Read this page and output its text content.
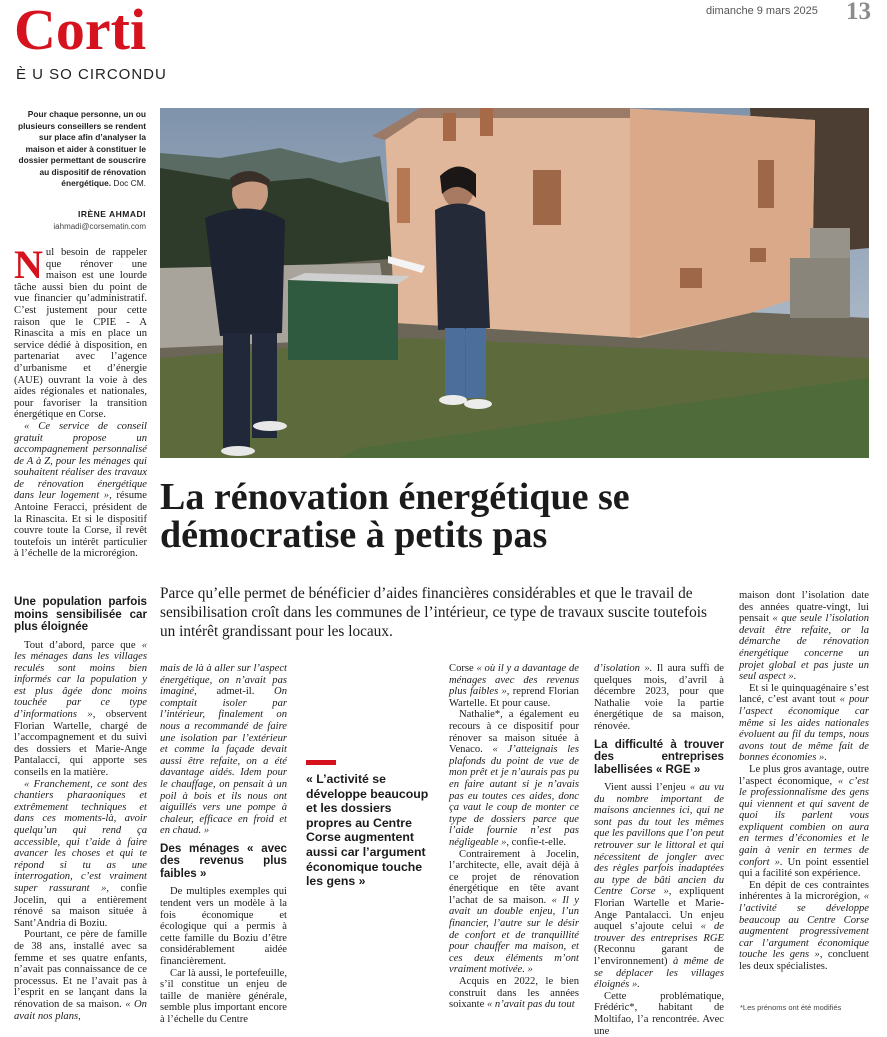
Corti
È U SO CIRCONDU
dimanche 9 mars 2025 13
Pour chaque personne, un ou plusieurs conseillers se rendent sur place afin d’analyser la maison et aider à constituer le dossier permettant de souscrire au dispositif de rénovation énergétique. Doc CM.
IRÈNE AHMADI
iahmadi@corsematin.com
La rénovation énergétique se démocratise à petits pas
Parce qu’elle permet de bénéficier d’aides financières considérables et que le travail de sensibilisation croît dans les communes de l’intérieur, ce type de travaux suscite toutefois un intérêt grandissant pour les locaux.

Nul besoin de rappeler que rénover une maison est une lourde tâche aussi bien du point de vue financier qu’administratif. C’est justement pour cette raison que le CPIE - A Rinascita a mis en place un service dédié à disposition, en partenariat avec l’agence d’urbanisme et d’énergie (AUE) ouvrant la voie à des aides régionales et nationales, pour favoriser la transition énergétique en Corse.

« Ce service de conseil gratuit propose un accompagnement personnalisé de A à Z, pour les ménages qui souhaitent réaliser des travaux de rénovation énergétique dans leur logement », résume Antoine Feracci, président de la Rinascita. Et si le dispositif couvre toute la Corse, il revêt toutefois un intérêt particulier à l’échelle de la microrégion.

Une population parfois moins sensibilisée car plus éloignée

Tout d’abord, parce que « les ménages dans les villages reculés sont moins bien informés car la population y est plus âgée donc moins touchée par ce type d’informations », observent Florian Wartelle, chargé de l’accompagnement et du suivi des dossiers et Marie-Ange Pantalacci, qui apporte ses conseils en la matière.

« Franchement, ce sont des chantiers pharaoniques et extrêmement techniques et dans ces moments-là, avoir quelqu’un qui rend ça accessible, qui t’aide à faire avancer les choses et qui te répond si tu as une interrogation, c’est vraiment super rassurant », confie Jocelin, qui a entièrement rénové sa maison située à Sant’Andria di Boziu.

Pourtant, ce père de famille de 38 ans, installé avec sa femme et ses quatre enfants, n’avait pas connaissance de ce processus. Et ne l’avait pas à l’esprit en se lançant dans la rénovation de sa maison. « On avait nos plans,

mais de là à aller sur l’aspect énergétique, on n’avait pas imaginé, admet-il. On comptait isoler par l’intérieur, finalement on nous a recommandé de faire une isolation par l’extérieur et comme la façade devait aussi être refaite, on a été davantage aidés. Idem pour le chauffage, on pensait à un poil à bois et ils nous ont aiguillés vers une pompe à chaleur, efficace en froid et en chaud. »

Des ménages « avec des revenus plus faibles »

De multiples exemples qui tendent vers un modèle à la fois économique et écologique qui a permis à cette famille du Boziu d’être considérablement aidée financièrement.

Car là aussi, le portefeuille, s’il constitue un enjeu de taille de manière générale, semble plus important encore à l’échelle du Centre

« L’activité se développe beaucoup et les dossiers propres au Centre Corse augmentent aussi car l’argument économique touche les gens »

Corse « où il y a davantage de ménages avec des revenus plus faibles », reprend Florian Wartelle. Et pour cause.

Nathalie*, a également eu recours à ce dispositif pour rénover sa maison située à Venaco. « J’atteignais les plafonds du point de vue de mon prêt et je n’aurais pas pu en faire autant si je n’avais pas eu toutes ces aides, donc ça vaut le coup de monter ce type de dossiers parce que l’aide fournie n’est pas négligeable », confie-t-elle.

Contrairement à Jocelin, l’architecte, elle, avait déjà à ce projet de rénovation énergétique en tête avant l’achat de sa maison. « Il y avait un double enjeu, l’un financier, l’autre sur le désir de confort et de tranquillité pour chauffer ma maison, et ces deux éléments m’ont vraiment motivée. »

Acquis en 2022, le bien construit dans les années soixante « n’avait pas du tout

d’isolation ». Il aura suffi de quelques mois, d’avril à décembre 2023, pour que Nathalie voie la partie énergétique de sa maison, rénovée.

La difficulté à trouver des entreprises labellisées « RGE »

Vient aussi l’enjeu « au vu du nombre important de maisons anciennes ici, qui ne sont pas du tout les mêmes que les pavillons que l’on peut retrouver sur le littoral et qui nécessitent de jongler avec des règles parfois inadaptées au type de bâti ancien du Centre Corse », expliquent Florian Wartelle et Marie-Ange Pantalacci. Un enjeu auquel s’ajoute celui « de trouver des entreprises RGE (Reconnu garant de l’environnement) à même de se déplacer les villages éloignés ».

Cette problématique, Frédéric*, habitant de Moltifao, l’a rencontrée. Avec une

maison dont l’isolation date des années quatre-vingt, lui pensait « que seule l’isolation devait être refaite, or la démarche de rénovation énergétique concerne un projet global et pas juste un seul aspect ».

Et si le quinquagénaire s’est lancé, c’est avant tout « pour l’aspect économique car même si les aides nationales évoluent au fil du temps, nous avons tout de même fait de bonnes économies ».

Le plus gros avantage, outre l’aspect économique, « c’est le professionnalisme des gens qui viennent et qui savent de quoi ils parlent vous expliquent combien on aura en termes d’économies et le gain à venir en termes de confort ». Un point essentiel qui a facilité son expérience.

En dépit de ces contraintes inhérentes à la microrégion, « l’activité se développe beaucoup au Centre Corse augmentent progressivement car l’argument économique touche les gens », concluent les deux spécialistes.

*Les prénoms ont été modifiés
